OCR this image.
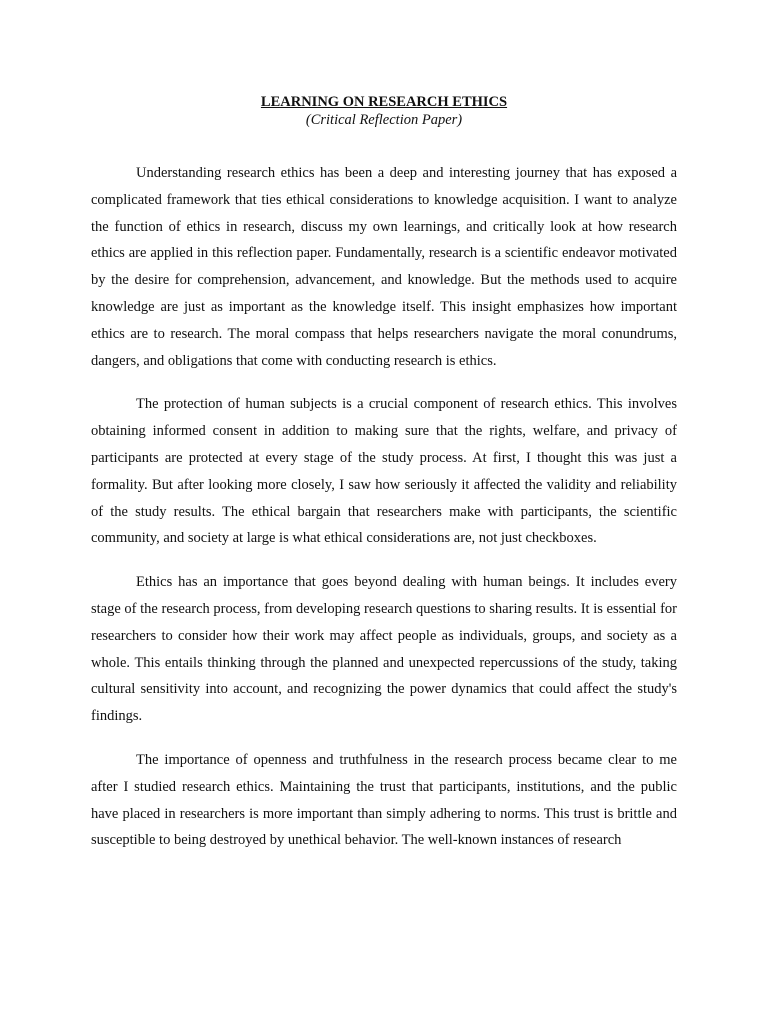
LEARNING ON RESEARCH ETHICS

(Critical Reflection Paper)

Understanding research ethics has been a deep and interesting journey that has exposed a complicated framework that ties ethical considerations to knowledge acquisition. I want to analyze the function of ethics in research, discuss my own learnings, and critically look at how research ethics are applied in this reflection paper. Fundamentally, research is a scientific endeavor motivated by the desire for comprehension, advancement, and knowledge. But the methods used to acquire knowledge are just as important as the knowledge itself. This insight emphasizes how important ethics are to research. The moral compass that helps researchers navigate the moral conundrums, dangers, and obligations that come with conducting research is ethics.

The protection of human subjects is a crucial component of research ethics. This involves obtaining informed consent in addition to making sure that the rights, welfare, and privacy of participants are protected at every stage of the study process. At first, I thought this was just a formality. But after looking more closely, I saw how seriously it affected the validity and reliability of the study results. The ethical bargain that researchers make with participants, the scientific community, and society at large is what ethical considerations are, not just checkboxes.

Ethics has an importance that goes beyond dealing with human beings. It includes every stage of the research process, from developing research questions to sharing results. It is essential for researchers to consider how their work may affect people as individuals, groups, and society as a whole. This entails thinking through the planned and unexpected repercussions of the study, taking cultural sensitivity into account, and recognizing the power dynamics that could affect the study's findings.

The importance of openness and truthfulness in the research process became clear to me after I studied research ethics. Maintaining the trust that participants, institutions, and the public have placed in researchers is more important than simply adhering to norms. This trust is brittle and susceptible to being destroyed by unethical behavior. The well-known instances of research
